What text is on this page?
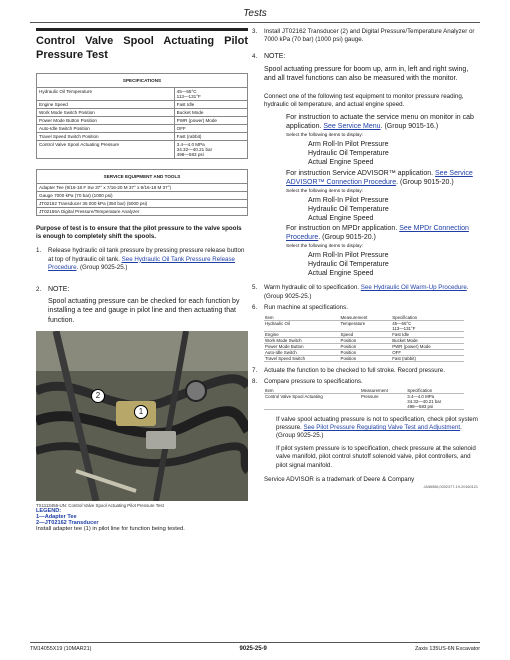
Tests
Control Valve Spool Actuating Pilot Pressure Test
SPECIFICATIONS	
Hydraulic Oil Temperature	45—55°C
113—131°F
Engine Speed	Fast Idle
Work Mode Switch Position	Bucket Mode
Power Mode Button Position	PWR (power) Mode
Auto-Idle Switch Position	OFF
Travel Speed Switch Position	Fast (rabbit)
Control Valve Spool Actuating Pressure	3.4—4.0 MPa
34.32—40.21 bar
498—583 psi
SERVICE EQUIPMENT AND TOOLS
Adapter Tee (9/16-18 F Sw 37° x 7/16-20 M 37° x 9/16-18 M 37°)
Gauge 7000 kPa (70 bar) (1000 psi)
JT02162 Transducer 35 000 kPa (350 bar) (5000 psi)
JT02156A Digital Pressure/Temperature Analyzer

Purpose of test is to ensure that the pilot pressure to the valve spools is enough to completely shift the spools.

1.	Release hydraulic oil tank pressure by pressing pressure release button at top of hydraulic oil tank. See Hydraulic Oil Tank Pressure Release Procedure. (Group 9025-25.)

2. NOTE:

Spool actuating pressure can be checked for each function by installing a tee and gauge in pilot line and then actuating that function.

2
1
TX1113456-UN: Control Valve Spool Actuating Pilot Pressure Test
LEGEND:
1—Adapter Tee
2—JT02162 Transducer
Install adapter tee (1) in pilot line for function being tested.
3.	Install JT02162 Transducer (2) and Digital Pressure/Temperature Analyzer or 7000 kPa (70 bar) (1000 psi) gauge.

4. NOTE:

Spool actuating pressure for boom up, arm in, left and right swing, and all travel functions can also be measured with the monitor.

Connect one of the following test equipment to monitor pressure reading, hydraulic oil temperature, and actual engine speed.

For instruction to actuate the service menu on monitor in cab application. See Service Menu. (Group 9015-16.)

Select the following items to display:
Arm Roll-In Pilot Pressure
Hydraulic Oil Temperature
Actual Engine Speed

For instruction Service ADVISOR™ application. See Service ADVISOR™ Connection Procedure. (Group 9015-20.)

Select the following items to display:
Arm Roll-In Pilot Pressure
Hydraulic Oil Temperature
Actual Engine Speed

For instruction on MPDr application. See MPDr Connection Procedure. (Group 9015-20.)

Select the following items to display:
Arm Roll-In Pilot Pressure
Hydraulic Oil Temperature
Actual Engine Speed
5.	Warm hydraulic oil to specification. See Hydraulic Oil Warm-Up Procedure. (Group 9025-25.)

6.	Run machine at specifications.

Item	Measurement	Specification
Hydraulic Oil	Temperature	45—55°C
113—131°F
Engine	Speed	Fast Idle
Work Mode Switch	Position	Bucket Mode
Power Mode Button	Position	PWR (power) Mode
Auto-Idle Switch	Position	OFF
Travel Speed Switch	Position	Fast (rabbit)
7.	Actuate the function to be checked to full stroke. Record pressure.

8.	Compare pressure to specifications.

Item	Measurement	Specification
Control Valve Spool Actuating	Pressure	3.4—4.0 MPa
34.32—40.21 bar
498—583 psi

If valve spool actuating pressure is not to specification, check pilot system pressure. See Pilot Pressure Regulating Valve Test and Adjustment. (Group 9025-25.)

If pilot system pressure is to specification, check pressure at the solenoid valve manifold, pilot control shutoff solenoid valve, pilot controllers, and pilot signal manifold.

Service ADVISOR is a trademark of Deere & Company

JA56586,0002377-19-20160121
TM14055X19 (10MAR21)	9025-25-9	Zaxis 135US-6N Excavator
